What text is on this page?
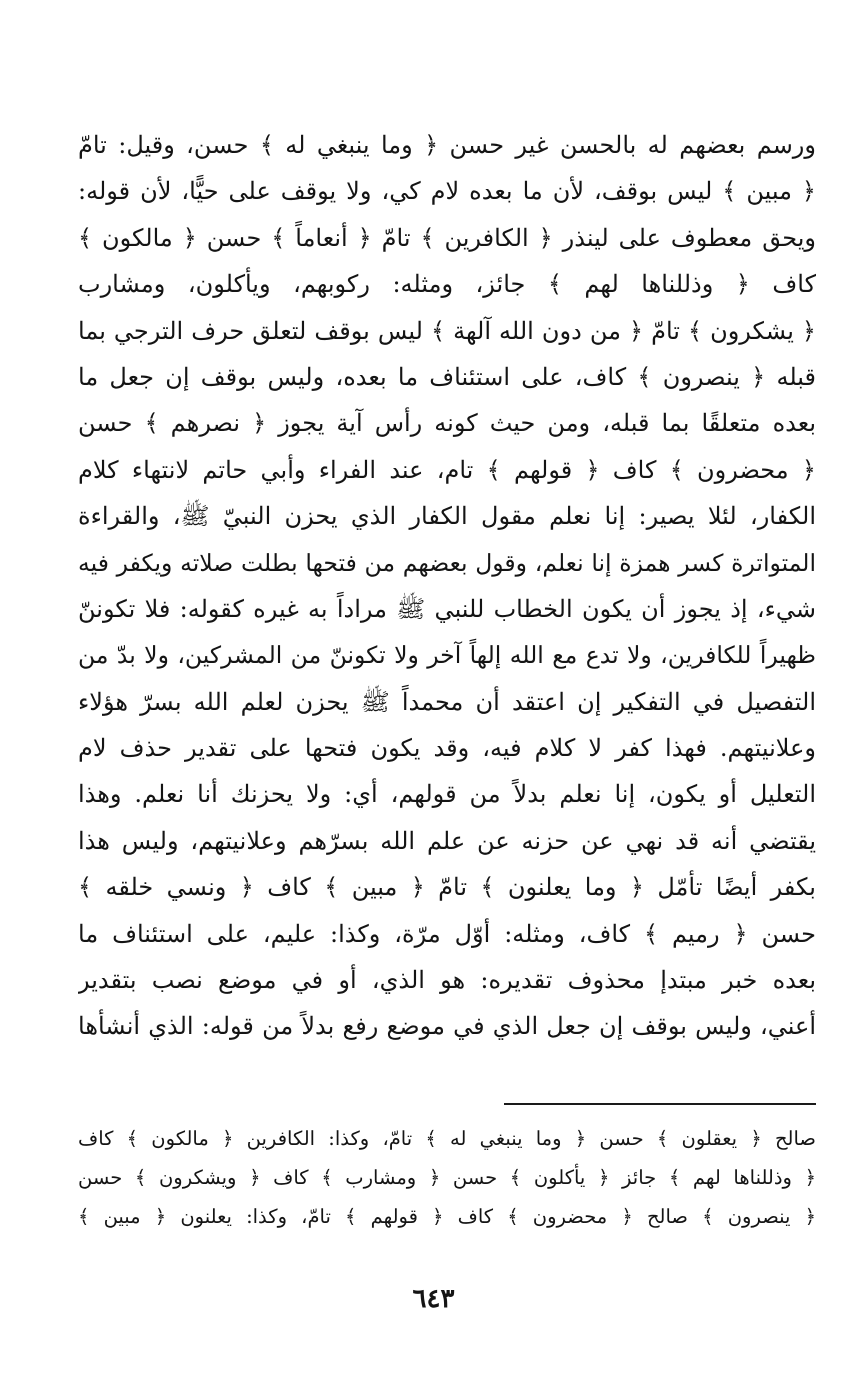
ورسم بعضهم له بالحسن غير حسن ﴿ وما ينبغي له ﴾ حسن، وقيل: تامّ
﴿ مبين ﴾ ليس بوقف، لأن ما بعده لام كي، ولا يوقف على حيًّا، لأن قوله:
ويحق معطوف على لينذر ﴿ الكافرين ﴾ تامّ ﴿ أنعاماً ﴾ حسن ﴿ مالكون ﴾
كاف ﴿ وذللناها لهم ﴾ جائز، ومثله: ركوبهم، ويأكلون، ومشارب
﴿ يشكرون ﴾ تامّ ﴿ من دون الله آلهة ﴾ ليس بوقف لتعلق حرف الترجي بما
قبله ﴿ ينصرون ﴾ كاف، على استئناف ما بعده، وليس بوقف إن جعل ما
بعده متعلقًا بما قبله، ومن حيث كونه رأس آية يجوز ﴿ نصرهم ﴾ حسن
﴿ محضرون ﴾ كاف ﴿ قولهم ﴾ تام، عند الفراء وأبي حاتم لانتهاء كلام
الكفار، لئلا يصير: إنا نعلم مقول الكفار الذي يحزن النبيّ ﷺ، والقراءة
المتواترة كسر همزة إنا نعلم، وقول بعضهم من فتحها بطلت صلاته ويكفر فيه
شيء، إذ يجوز أن يكون الخطاب للنبي ﷺ مراداً به غيره كقوله: فلا تكوننّ
ظهيراً للكافرين، ولا تدع مع الله إلهاً آخر ولا تكوننّ من المشركين، ولا بدّ من
التفصيل في التفكير إن اعتقد أن محمداً ﷺ يحزن لعلم الله بسرّ هؤلاء
وعلانيتهم. فهذا كفر لا كلام فيه، وقد يكون فتحها على تقدير حذف لام
التعليل أو يكون، إنا نعلم بدلاً من قولهم، أي: ولا يحزنك أنا نعلم. وهذا
يقتضي أنه قد نهي عن حزنه عن علم الله بسرّهم وعلانيتهم، وليس هذا
بكفر أيضًا تأمّل ﴿ وما يعلنون ﴾ تامّ ﴿ مبين ﴾ كاف ﴿ ونسي خلقه ﴾
حسن ﴿ رميم ﴾ كاف، ومثله: أوّل مرّة، وكذا: عليم، على استئناف ما
بعده خبر مبتدإ محذوف تقديره: هو الذي، أو في موضع نصب بتقدير
أعني، وليس بوقف إن جعل الذي في موضع رفع بدلاً من قوله: الذي أنشأها
صالح ﴿ يعقلون ﴾ حسن ﴿ وما ينبغي له ﴾ تامّ، وكذا: الكافرين ﴿ مالكون ﴾ كاف
﴿ وذللناها لهم ﴾ جائز ﴿ يأكلون ﴾ حسن ﴿ ومشارب ﴾ كاف ﴿ ويشكرون ﴾ حسن
﴿ ينصرون ﴾ صالح ﴿ محضرون ﴾ كاف ﴿ قولهم ﴾ تامّ، وكذا: يعلنون ﴿ مبين ﴾
٦٤٣
